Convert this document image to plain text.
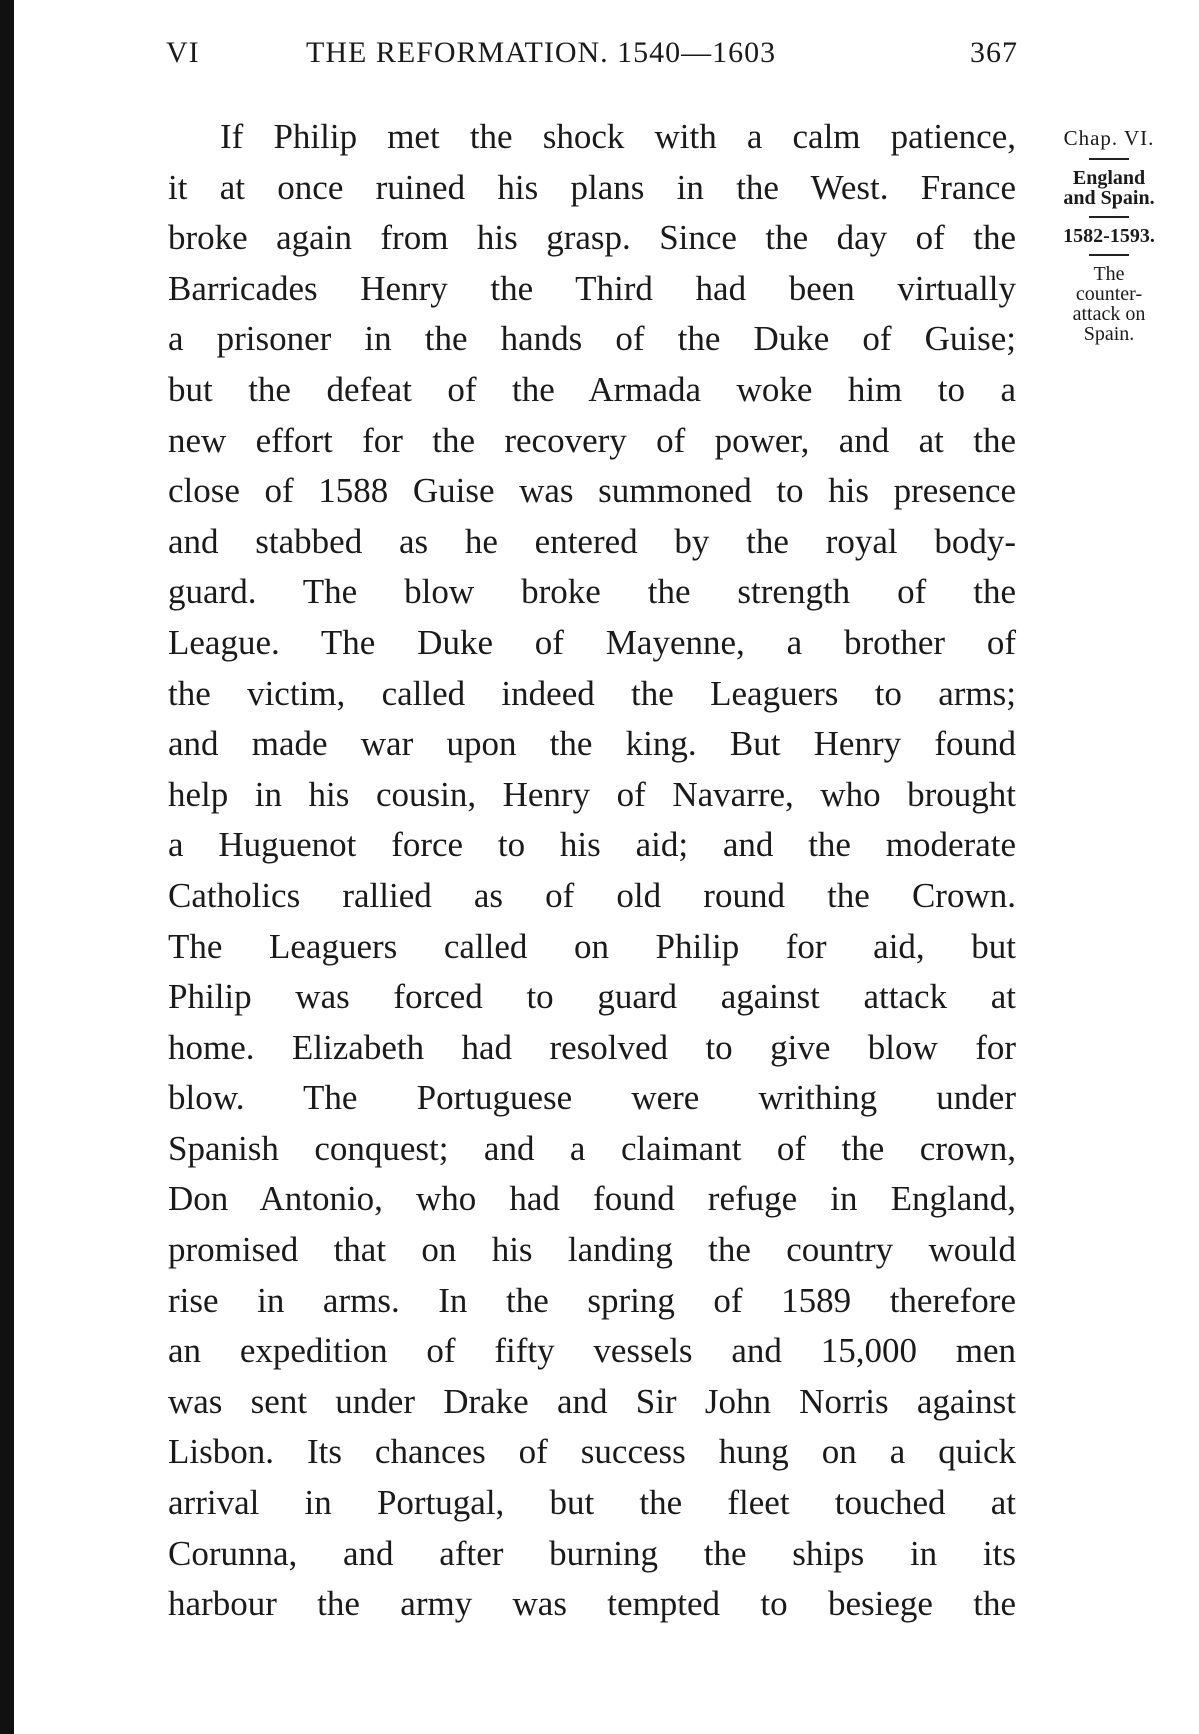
VI	THE REFORMATION. 1540—1603	367
If Philip met the shock with a calm patience,
it at once ruined his plans in the West. France
broke again from his grasp. Since the day of the
Barricades Henry the Third had been virtually
a prisoner in the hands of the Duke of Guise;
but the defeat of the Armada woke him to a
new effort for the recovery of power, and at the
close of 1588 Guise was summoned to his presence
and stabbed as he entered by the royal body-
guard. The blow broke the strength of the
League. The Duke of Mayenne, a brother of
the victim, called indeed the Leaguers to arms;
and made war upon the king. But Henry found
help in his cousin, Henry of Navarre, who brought
a Huguenot force to his aid; and the moderate
Catholics rallied as of old round the Crown.
The Leaguers called on Philip for aid, but
Philip was forced to guard against attack at
home. Elizabeth had resolved to give blow for
blow. The Portuguese were writhing under
Spanish conquest; and a claimant of the crown,
Don Antonio, who had found refuge in England,
promised that on his landing the country would
rise in arms. In the spring of 1589 therefore
an expedition of fifty vessels and 15,000 men
was sent under Drake and Sir John Norris against
Lisbon. Its chances of success hung on a quick
arrival in Portugal, but the fleet touched at
Corunna, and after burning the ships in its
harbour the army was tempted to besiege the
Chap. VI.
England
and Spain.
1582-1593.
The
counter-
attack on
Spain.
